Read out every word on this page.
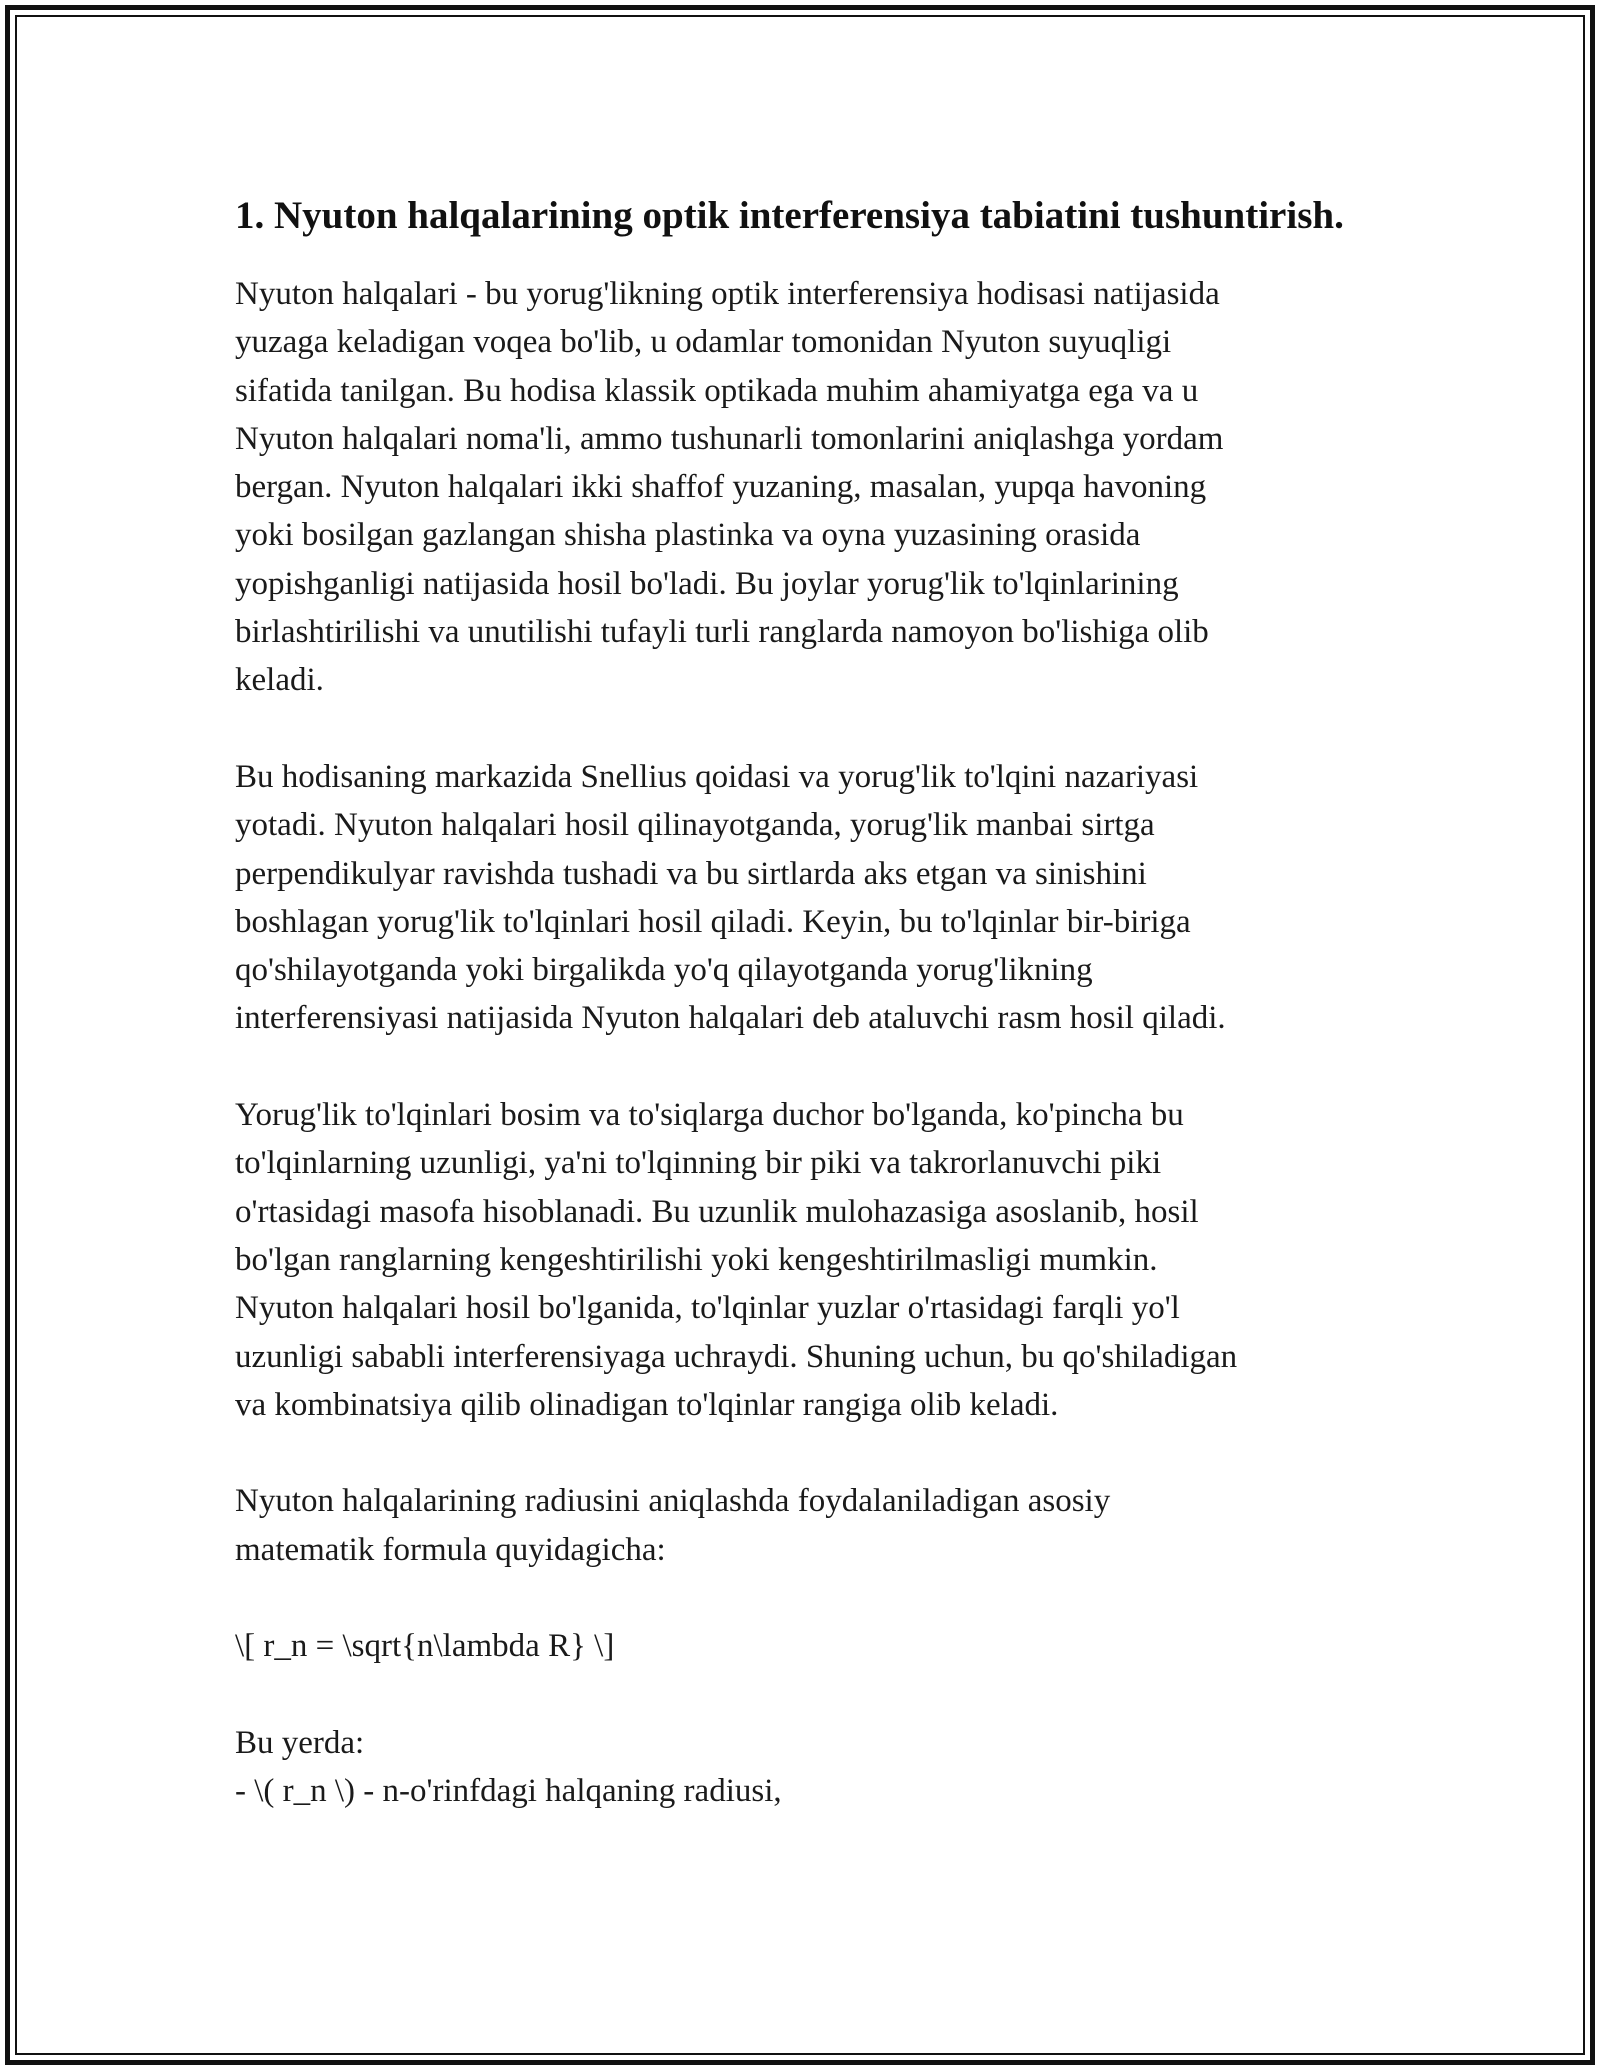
1. Nyuton halqalarining optik interferensiya tabiatini tushuntirish.

Nyuton halqalari - bu yorug'likning optik interferensiya hodisasi natijasida
yuzaga keladigan voqea bo'lib, u odamlar tomonidan Nyuton suyuqligi
sifatida tanilgan. Bu hodisa klassik optikada muhim ahamiyatga ega va u
Nyuton halqalari noma'li, ammo tushunarli tomonlarini aniqlashga yordam
bergan. Nyuton halqalari ikki shaffof yuzaning, masalan, yupqa havoning
yoki bosilgan gazlangan shisha plastinka va oyna yuzasining orasida
yopishganligi natijasida hosil bo'ladi. Bu joylar yorug'lik to'lqinlarining
birlashtirilishi va unutilishi tufayli turli ranglarda namoyon bo'lishiga olib
keladi.

Bu hodisaning markazida Snellius qoidasi va yorug'lik to'lqini nazariyasi
yotadi. Nyuton halqalari hosil qilinayotganda, yorug'lik manbai sirtga
perpendikulyar ravishda tushadi va bu sirtlarda aks etgan va sinishini
boshlagan yorug'lik to'lqinlari hosil qiladi. Keyin, bu to'lqinlar bir-biriga
qo'shilayotganda yoki birgalikda yo'q qilayotganda yorug'likning
interferensiyasi natijasida Nyuton halqalari deb ataluvchi rasm hosil qiladi.

Yorug'lik to'lqinlari bosim va to'siqlarga duchor bo'lganda, ko'pincha bu
to'lqinlarning uzunligi, ya'ni to'lqinning bir piki va takrorlanuvchi piki
o'rtasidagi masofa hisoblanadi. Bu uzunlik mulohazasiga asoslanib, hosil
bo'lgan ranglarning kengeshtirilishi yoki kengeshtirilmasligi mumkin.
Nyuton halqalari hosil bo'lganida, to'lqinlar yuzlar o'rtasidagi farqli yo'l
uzunligi sababli interferensiyaga uchraydi. Shuning uchun, bu qo'shiladigan
va kombinatsiya qilib olinadigan to'lqinlar rangiga olib keladi.

Nyuton halqalarining radiusini aniqlashda foydalaniladigan asosiy
matematik formula quyidagicha:

\[ r_n = \sqrt{n\lambda R} \]

Bu yerda:
- \( r_n \) - n-o'rinfdagi halqaning radiusi,
